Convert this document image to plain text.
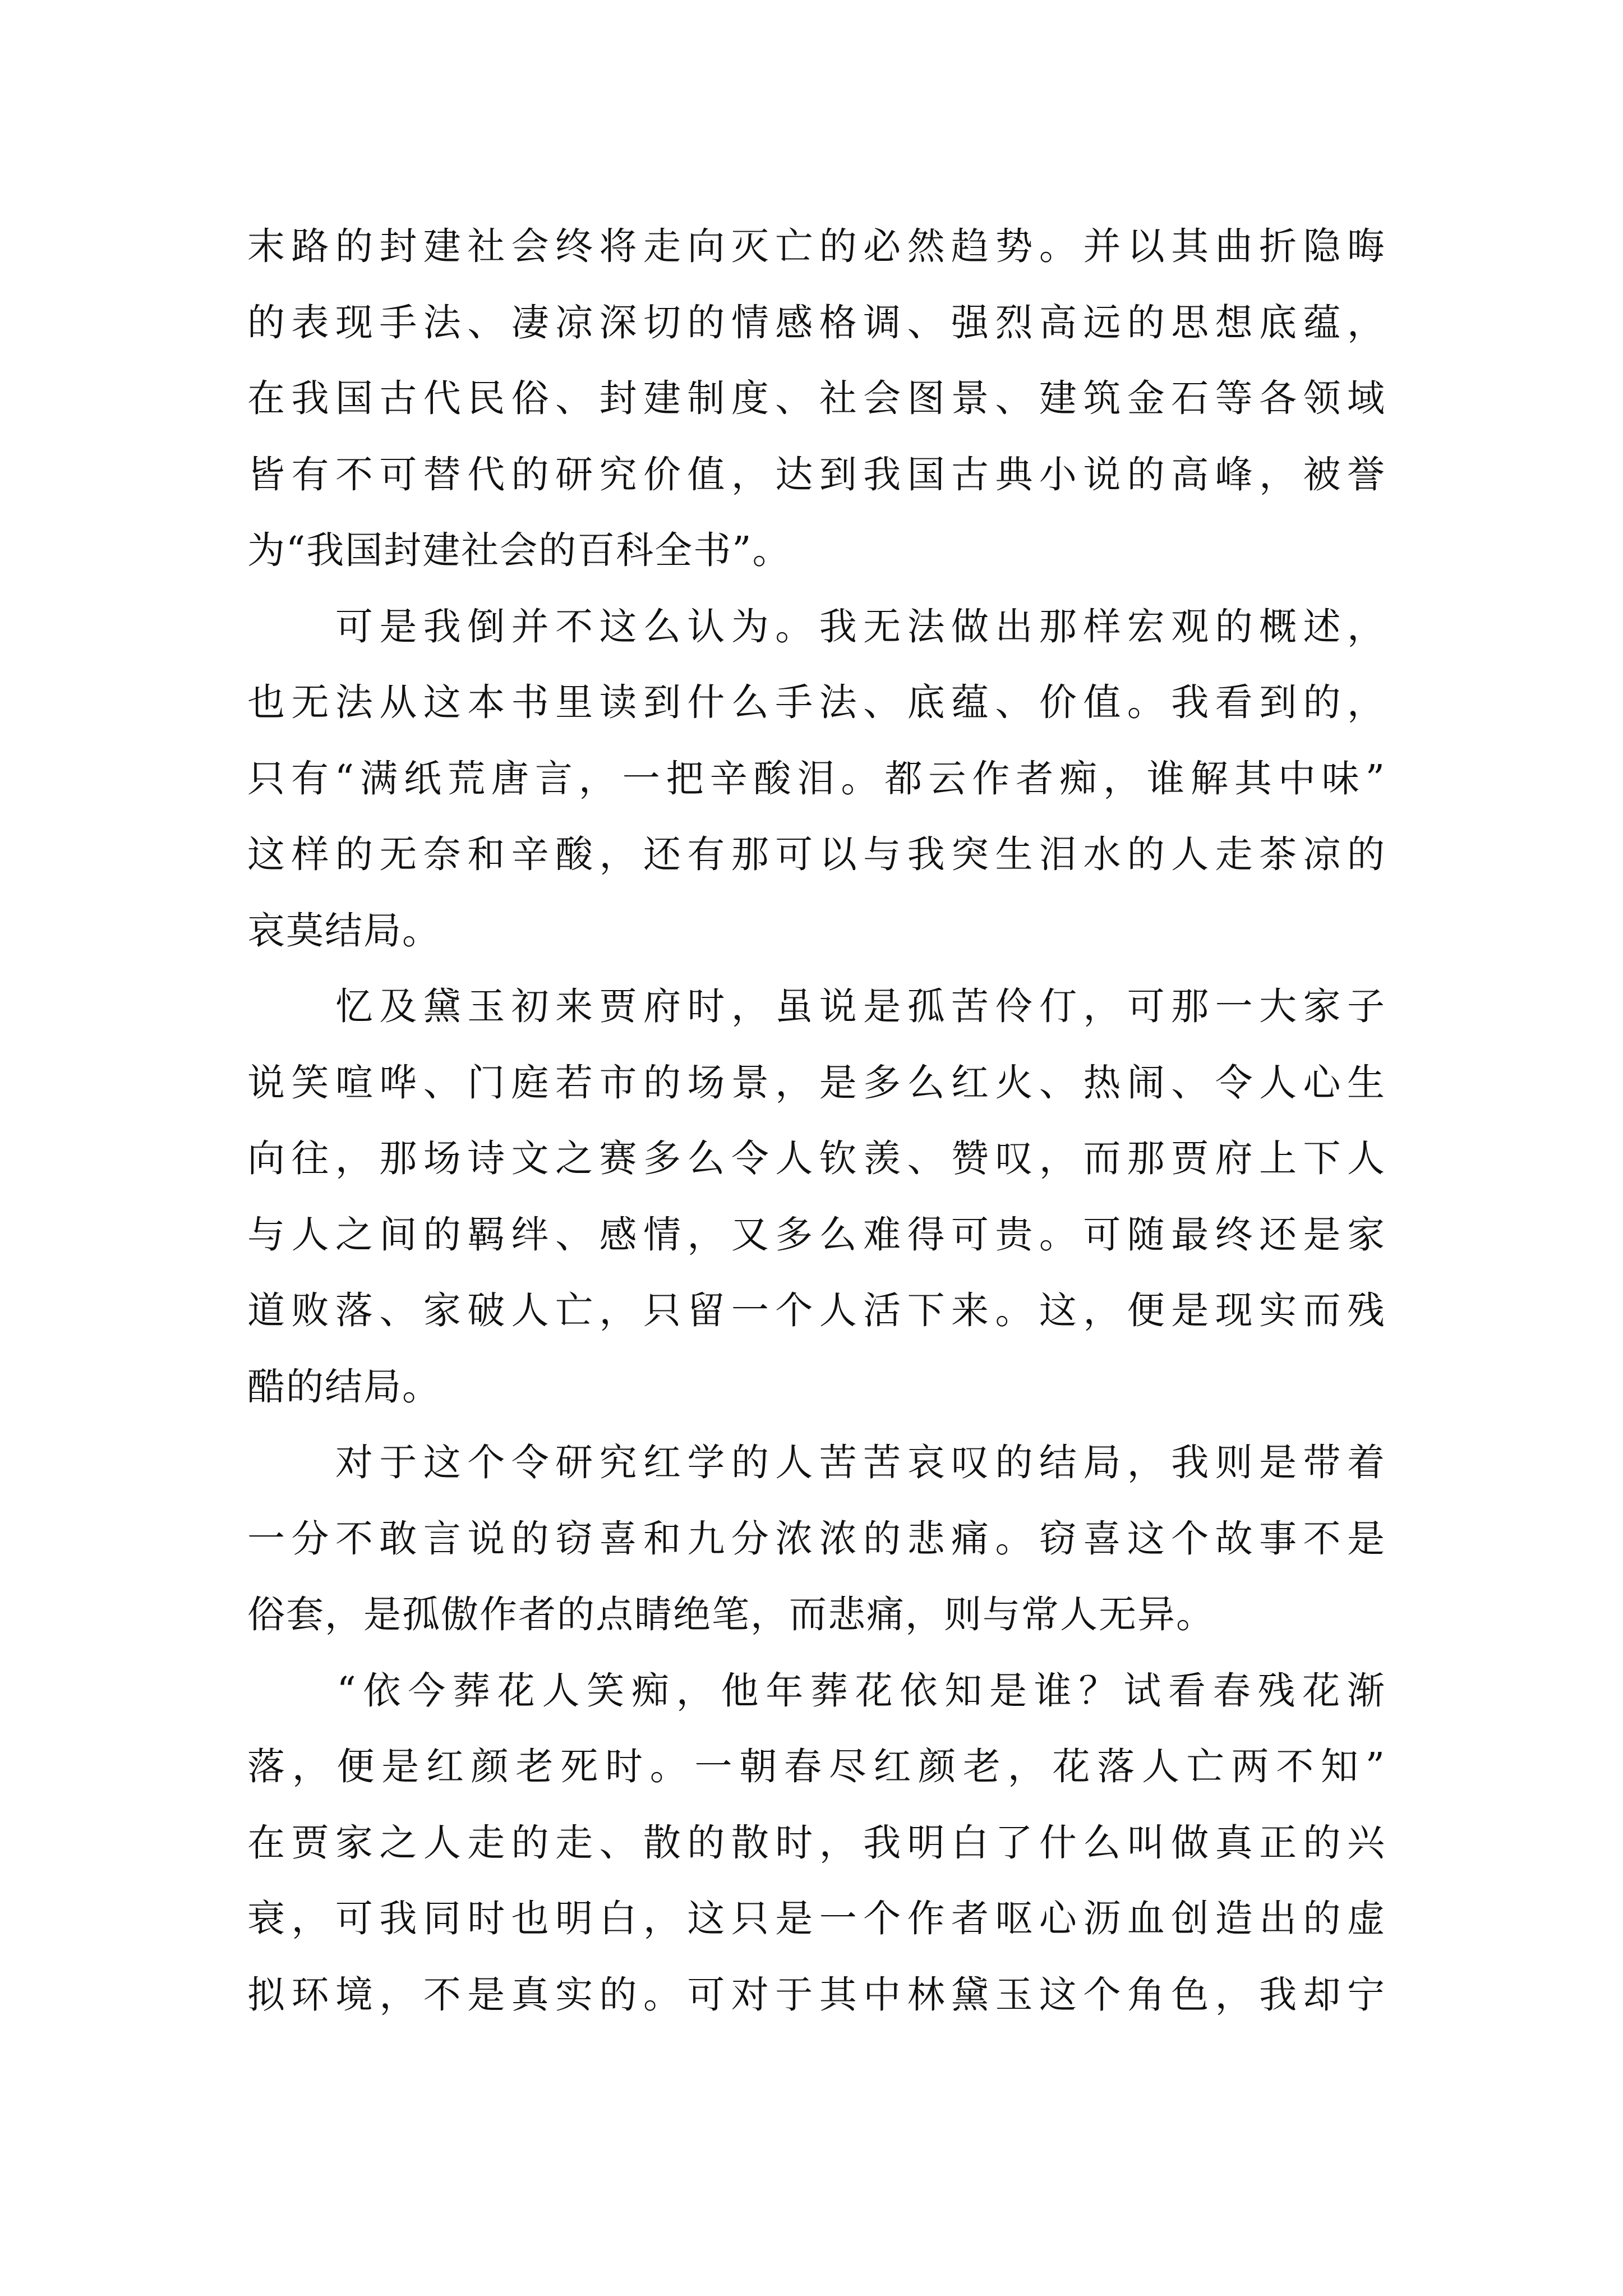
末路的封建社会终将走向灭亡的必然趋势。并以其曲折隐晦
的表现手法、凄凉深切的情感格调、强烈高远的思想底蕴，
在我国古代民俗、封建制度、社会图景、建筑金石等各领域
皆有不可替代的研究价值，达到我国古典小说的高峰，被誉
为“我国封建社会的百科全书”。
　　可是我倒并不这么认为。我无法做出那样宏观的概述，
也无法从这本书里读到什么手法、底蕴、价值。我看到的，
只有“满纸荒唐言，一把辛酸泪。都云作者痴，谁解其中味”
这样的无奈和辛酸，还有那可以与我突生泪水的人走茶凉的
哀莫结局。
　　忆及黛玉初来贾府时，虽说是孤苦伶仃，可那一大家子
说笑喧哗、门庭若市的场景，是多么红火、热闹、令人心生
向往，那场诗文之赛多么令人钦羡、赞叹，而那贾府上下人
与人之间的羁绊、感情，又多么难得可贵。可随最终还是家
道败落、家破人亡，只留一个人活下来。这，便是现实而残
酷的结局。
　　对于这个令研究红学的人苦苦哀叹的结局，我则是带着
一分不敢言说的窃喜和九分浓浓的悲痛。窃喜这个故事不是
俗套，是孤傲作者的点睛绝笔，而悲痛，则与常人无异。
　　“依今葬花人笑痴，他年葬花依知是谁？试看春残花渐
落，便是红颜老死时。一朝春尽红颜老，花落人亡两不知”
在贾家之人走的走、散的散时，我明白了什么叫做真正的兴
衰，可我同时也明白，这只是一个作者呕心沥血创造出的虚
拟环境，不是真实的。可对于其中林黛玉这个角色，我却宁
